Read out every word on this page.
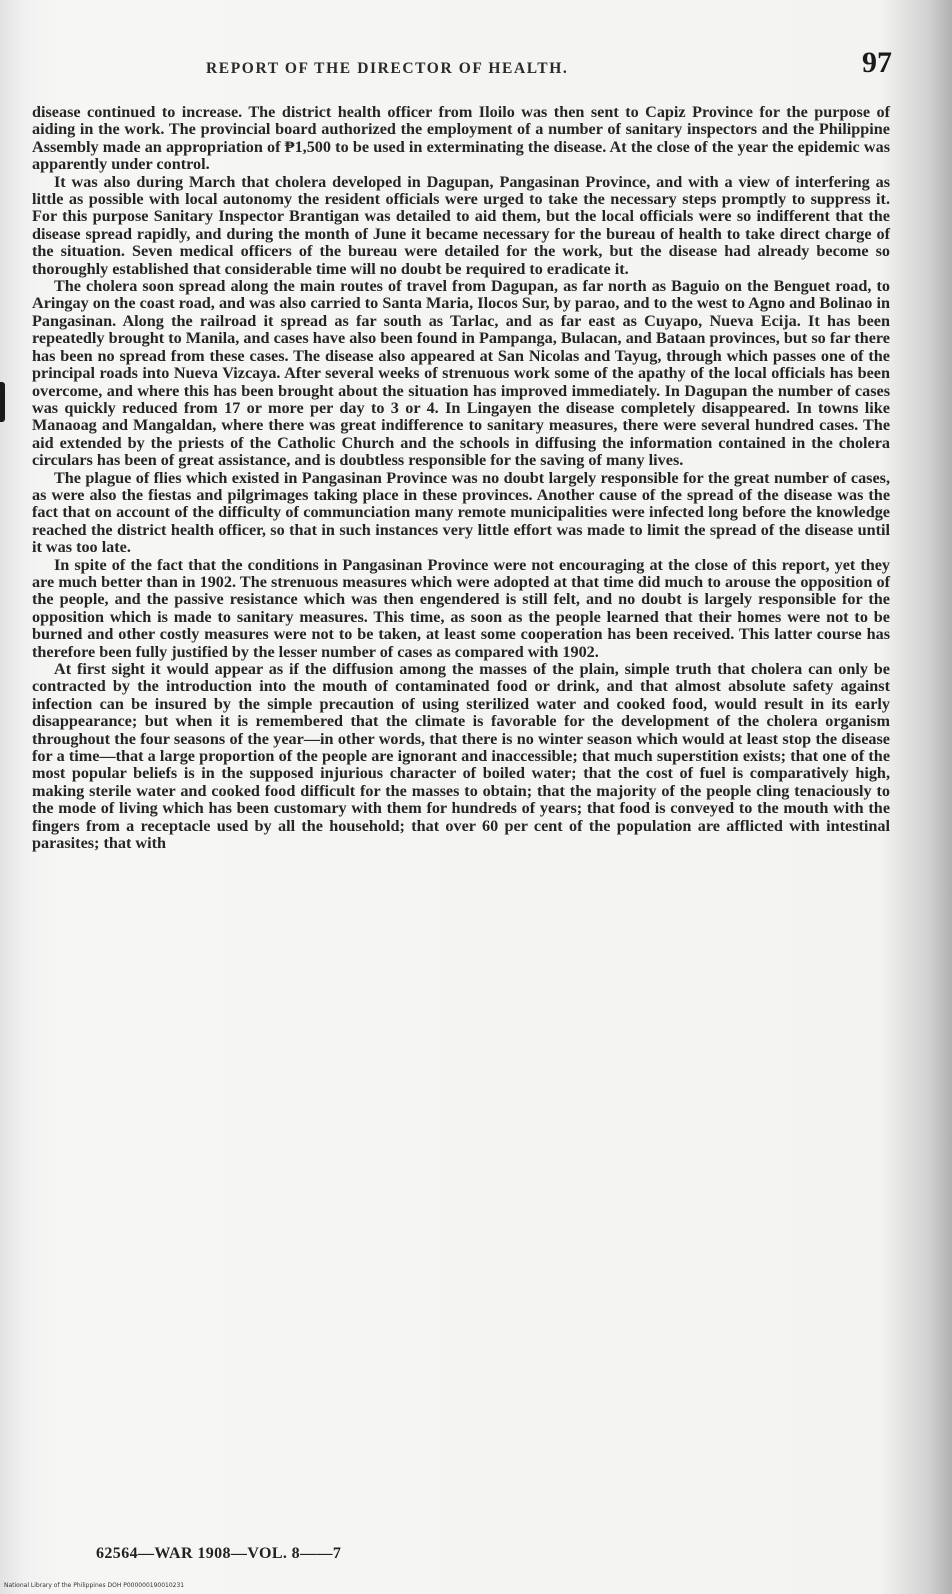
REPORT OF THE DIRECTOR OF HEALTH.	97

disease continued to increase. The district health officer from Iloilo was then sent to Capiz Province for the purpose of aiding in the work. The provincial board authorized the employment of a number of sanitary inspectors and the Philippine Assembly made an appropriation of ₱1,500 to be used in exterminating the disease. At the close of the year the epidemic was apparently under control.

It was also during March that cholera developed in Dagupan, Pangasinan Province, and with a view of interfering as little as possible with local autonomy the resident officials were urged to take the necessary steps promptly to suppress it. For this purpose Sanitary Inspector Brantigan was detailed to aid them, but the local officials were so indifferent that the disease spread rapidly, and during the month of June it became necessary for the bureau of health to take direct charge of the situation. Seven medical officers of the bureau were detailed for the work, but the disease had already become so thoroughly established that considerable time will no doubt be required to eradicate it.

The cholera soon spread along the main routes of travel from Dagupan, as far north as Baguio on the Benguet road, to Aringay on the coast road, and was also carried to Santa Maria, Ilocos Sur, by parao, and to the west to Agno and Bolinao in Pangasinan. Along the railroad it spread as far south as Tarlac, and as far east as Cuyapo, Nueva Ecija. It has been repeatedly brought to Manila, and cases have also been found in Pampanga, Bulacan, and Bataan provinces, but so far there has been no spread from these cases. The disease also appeared at San Nicolas and Tayug, through which passes one of the principal roads into Nueva Vizcaya. After several weeks of strenuous work some of the apathy of the local officials has been overcome, and where this has been brought about the situation has improved immediately. In Dagupan the number of cases was quickly reduced from 17 or more per day to 3 or 4. In Lingayen the disease completely disappeared. In towns like Manaoag and Mangaldan, where there was great indifference to sanitary measures, there were several hundred cases. The aid extended by the priests of the Catholic Church and the schools in diffusing the information contained in the cholera circulars has been of great assistance, and is doubtless responsible for the saving of many lives.

The plague of flies which existed in Pangasinan Province was no doubt largely responsible for the great number of cases, as were also the fiestas and pilgrimages taking place in these provinces. Another cause of the spread of the disease was the fact that on account of the difficulty of communciation many remote municipalities were infected long before the knowledge reached the district health officer, so that in such instances very little effort was made to limit the spread of the disease until it was too late.

In spite of the fact that the conditions in Pangasinan Province were not encouraging at the close of this report, yet they are much better than in 1902. The strenuous measures which were adopted at that time did much to arouse the opposition of the people, and the passive resistance which was then engendered is still felt, and no doubt is largely responsible for the opposition which is made to sanitary measures. This time, as soon as the people learned that their homes were not to be burned and other costly measures were not to be taken, at least some cooperation has been received. This latter course has therefore been fully justified by the lesser number of cases as compared with 1902.

At first sight it would appear as if the diffusion among the masses of the plain, simple truth that cholera can only be contracted by the introduction into the mouth of contaminated food or drink, and that almost absolute safety against infection can be insured by the simple precaution of using sterilized water and cooked food, would result in its early disappearance; but when it is remembered that the climate is favorable for the development of the cholera organism throughout the four seasons of the year—in other words, that there is no winter season which would at least stop the disease for a time—that a large proportion of the people are ignorant and inaccessible; that much superstition exists; that one of the most popular beliefs is in the supposed injurious character of boiled water; that the cost of fuel is comparatively high, making sterile water and cooked food difficult for the masses to obtain; that the majority of the people cling tenaciously to the mode of living which has been customary with them for hundreds of years; that food is conveyed to the mouth with the fingers from a receptacle used by all the household; that over 60 per cent of the population are afflicted with intestinal parasites; that with

62564—WAR 1908—VOL. 8——7
National Library of the Philippines DOH P000000190010231
